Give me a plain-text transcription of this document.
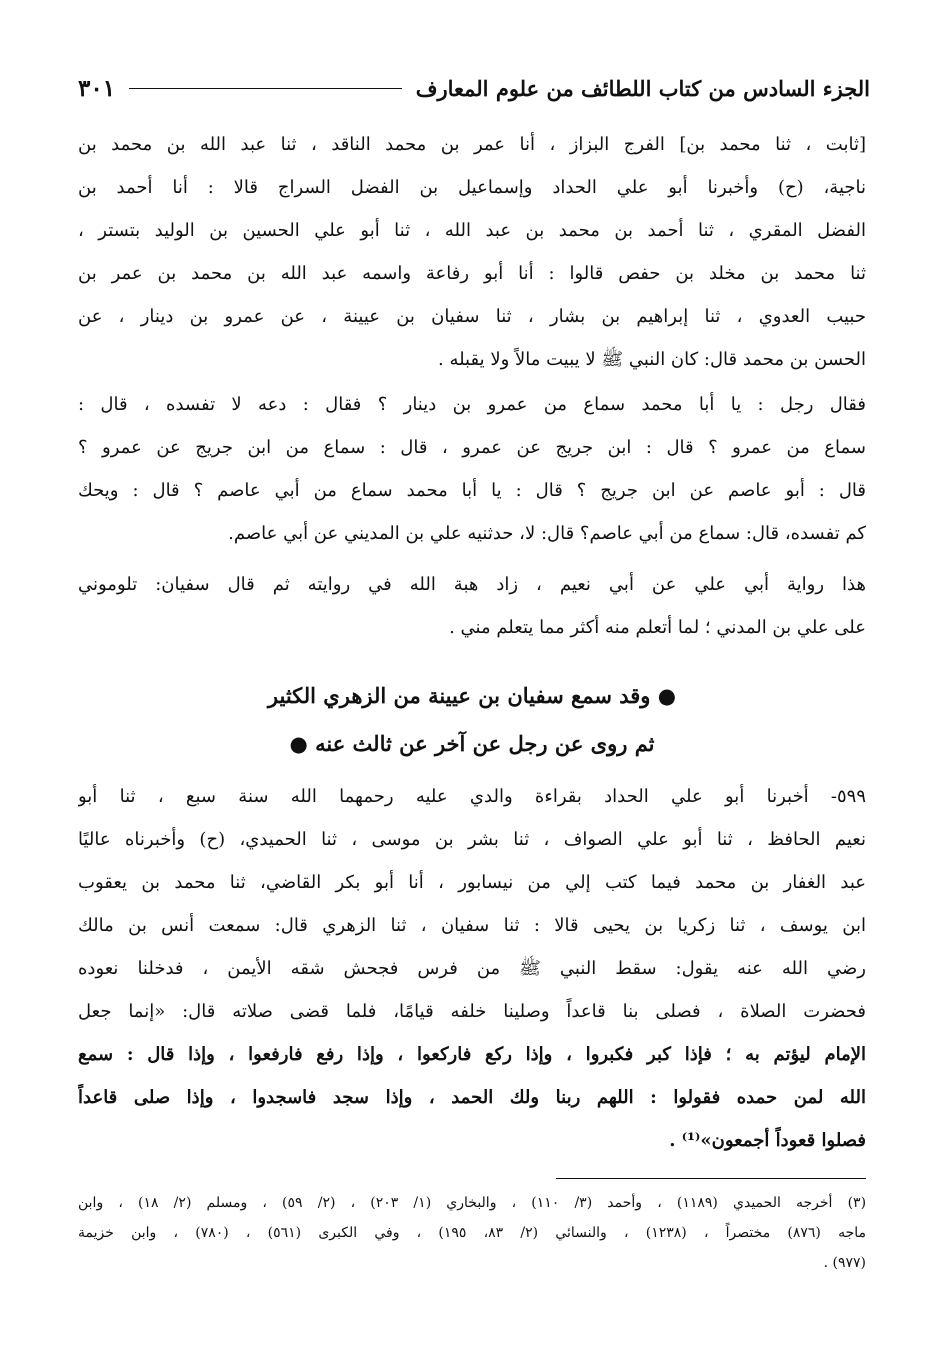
الجزء السادس من كتاب اللطائف من علوم المعارف
٣٠١
[ثابت ، ثنا محمد بن] الفرج البزاز ، أنا عمر بن محمد الناقد ، ثنا عبد الله بن محمد بن
ناجية، (ح) وأخبرنا أبو علي الحداد وإسماعيل بن الفضل السراج قالا : أنا أحمد بن
الفضل المقري ، ثنا أحمد بن محمد بن عبد الله ، ثنا أبو علي الحسين بن الوليد بتستر ،
ثنا محمد بن مخلد بن حفص قالوا : أنا أبو رفاعة واسمه عبد الله بن محمد بن عمر بن
حبيب العدوي ، ثنا إبراهيم بن بشار ، ثنا سفيان بن عيينة ، عن عمرو بن دينار ، عن
الحسن بن محمد قال: كان النبي ﷺ لا يبيت مالاً ولا يقبله .
فقال رجل : يا أبا محمد سماع من عمرو بن دينار ؟ فقال : دعه لا تفسده ، قال :
سماع من عمرو ؟ قال : ابن جريج عن عمرو ، قال : سماع من ابن جريج عن عمرو ؟
قال : أبو عاصم عن ابن جريج ؟ قال : يا أبا محمد سماع من أبي عاصم ؟ قال : ويحك
كم تفسده، قال: سماع من أبي عاصم؟ قال: لا، حدثنيه علي بن المديني عن أبي عاصم.
هذا رواية أبي علي عن أبي نعيم ، زاد هبة الله في روايته ثم قال سفيان: تلوموني
على علي بن المدني ؛ لما أتعلم منه أكثر مما يتعلم مني .
● وقد سمع سفيان بن عيينة من الزهري الكثير
ثم روى عن رجل عن آخر عن ثالث عنه ●
٥٩٩- أخبرنا أبو علي الحداد بقراءة والدي عليه رحمهما الله سنة سبع ، ثنا أبو
نعيم الحافظ ، ثنا أبو علي الصواف ، ثنا بشر بن موسى ، ثنا الحميدي، (ح) وأخبرناه عاليًا
عبد الغفار بن محمد فيما كتب إلي من نيسابور ، أنا أبو بكر القاضي، ثنا محمد بن يعقوب
ابن يوسف ، ثنا زكريا بن يحيى قالا : ثنا سفيان ، ثنا الزهري قال: سمعت أنس بن مالك
رضي الله عنه يقول: سقط النبي ﷺ من فرس فجحش شقه الأيمن ، فدخلنا نعوده
فحضرت الصلاة ، فصلى بنا قاعداً وصلينا خلفه قيامًا، فلما قضى صلاته قال: «إنما جعل
الإمام ليؤتم به ؛ فإذا كبر فكبروا ، وإذا ركع فاركعوا ، وإذا رفع فارفعوا ، وإذا قال : سمع
الله لمن حمده فقولوا : اللهم ربنا ولك الحمد ، وإذا سجد فاسجدوا ، وإذا صلى قاعداً
فصلوا قعوداً أجمعون»⁽¹⁾ .
(٣) أخرجه الحميدي (١١٨٩) ، وأحمد (٣/ ١١٠) ، والبخاري (١/ ٢٠٣) ، (٢/ ٥٩) ، ومسلم (٢/ ١٨) ، وابن
ماجه (٨٧٦) مختصراً ، (١٢٣٨) ، والنسائي (٢/ ٨٣، ١٩٥) ، وفي الكبرى (٥٦١) ، (٧٨٠) ، وابن خزيمة
(٩٧٧) .
